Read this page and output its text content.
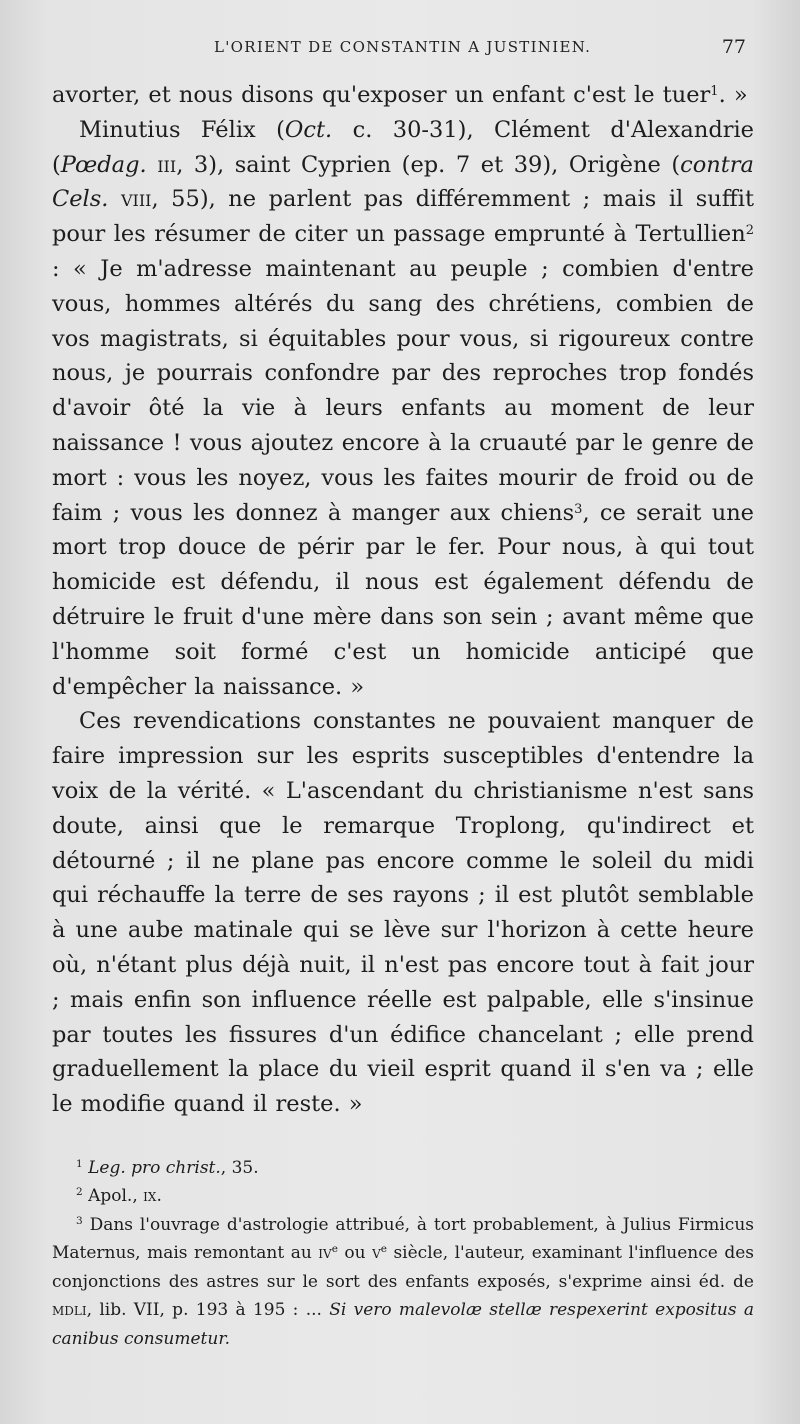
L'ORIENT DE CONSTANTIN A JUSTINIEN.	77

avorter, et nous disons qu'exposer un enfant c'est le tuer$^1$. »

Minutius Félix (Oct. c. 30-31), Clément d'Alexandrie (Pœdag. iii, 3), saint Cyprien (ep. 7 et 39), Origène (contra Cels. viii, 55), ne parlent pas différemment ; mais il suffit pour les résumer de citer un passage emprunté à Tertullien$^2$ : « Je m'adresse maintenant au peuple ; combien d'entre vous, hommes altérés du sang des chrétiens, combien de vos magistrats, si équitables pour vous, si rigoureux contre nous, je pourrais confondre par des reproches trop fondés d'avoir ôté la vie à leurs enfants au moment de leur naissance ! vous ajoutez encore à la cruauté par le genre de mort : vous les noyez, vous les faites mourir de froid ou de faim ; vous les donnez à manger aux chiens$^3$, ce serait une mort trop douce de périr par le fer. Pour nous, à qui tout homicide est défendu, il nous est également défendu de détruire le fruit d'une mère dans son sein ; avant même que l'homme soit formé c'est un homicide anticipé que d'empêcher la naissance. »

Ces revendications constantes ne pouvaient manquer de faire impression sur les esprits susceptibles d'entendre la voix de la vérité. « L'ascendant du christianisme n'est sans doute, ainsi que le remarque Troplong, qu'indirect et détourné ; il ne plane pas encore comme le soleil du midi qui réchauffe la terre de ses rayons ; il est plutôt semblable à une aube matinale qui se lève sur l'horizon à cette heure où, n'étant plus déjà nuit, il n'est pas encore tout à fait jour ; mais enfin son influence réelle est palpable, elle s'insinue par toutes les fissures d'un édifice chancelant ; elle prend graduellement la place du vieil esprit quand il s'en va ; elle le modifie quand il reste. »

$^1$ Leg. pro christ., 35.

$^2$ Apol., ix.

$^3$ Dans l'ouvrage d'astrologie attribué, à tort probablement, à Julius Firmicus Maternus, mais remontant au $iv^e$ ou $v^e$ siècle, l'auteur, examinant l'influence des conjonctions des astres sur le sort des enfants exposés, s'exprime ainsi éd. de mdli, lib. VII, p. 193 à 195 : ... Si vero malevolæ stellæ respexerint expositus a canibus consumetur.
